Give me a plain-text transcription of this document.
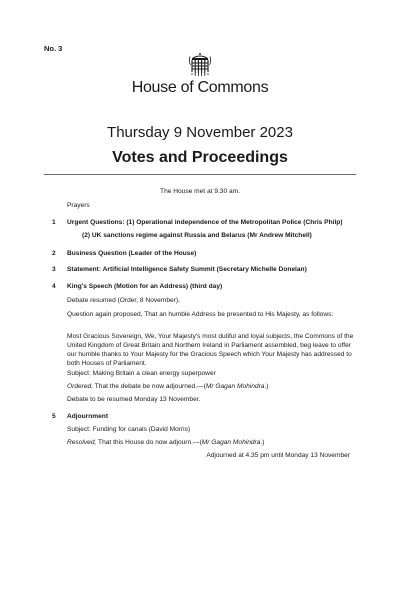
No. 3
House of Commons
Thursday 9 November 2023
Votes and Proceedings
The House met at 9.30 am.
Prayers
1 Urgent Questions: (1) Operational independence of the Metropolitan Police (Chris Philp)
(2) UK sanctions regime against Russia and Belarus (Mr Andrew Mitchell)
2 Business Question (Leader of the House)
3 Statement: Artificial Intelligence Safety Summit (Secretary Michelle Donelan)
4 King's Speech (Motion for an Address) (third day)
Debate resumed (Order, 8 November).
Question again proposed, That an humble Address be presented to His Majesty, as follows:
Most Gracious Sovereign, We, Your Majesty's most dutiful and loyal subjects, the Commons of the United Kingdom of Great Britain and Northern Ireland in Parliament assembled, beg leave to offer our humble thanks to Your Majesty for the Gracious Speech which Your Majesty has addressed to both Houses of Parliament.
Subject: Making Britain a clean energy superpower
Ordered, That the debate be now adjourned.—(Mr Gagan Mohindra.)
Debate to be resumed Monday 13 November.
5 Adjournment
Subject: Funding for canals (David Morris)
Resolved, That this House do now adjourn.—(Mr Gagan Mohindra.)
Adjourned at 4.35 pm until Monday 13 November
